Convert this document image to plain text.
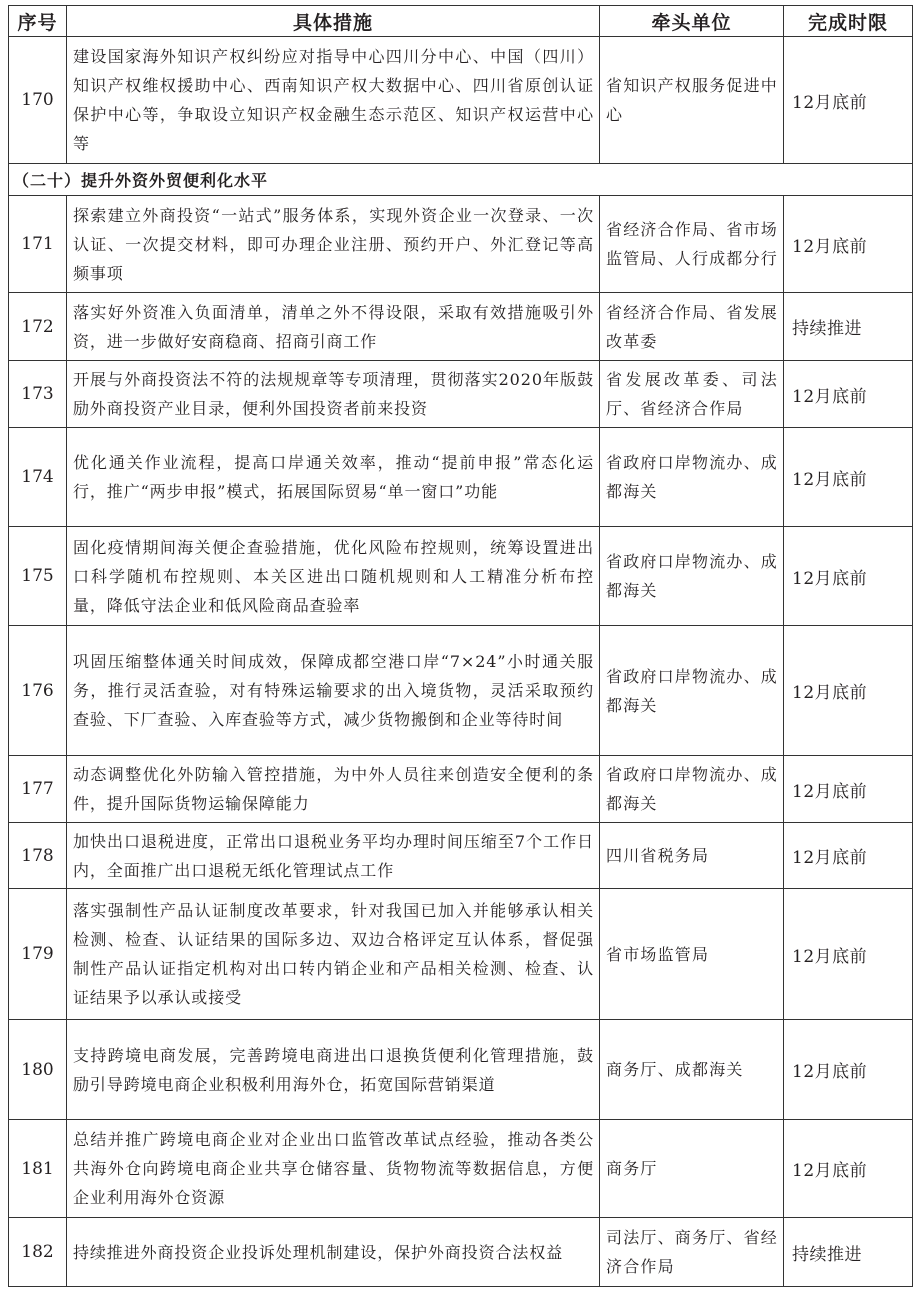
序号	具体措施	牵头单位	完成时限
170	建设国家海外知识产权纠纷应对指导中心四川分中心、中国（四川）知识产权维权援助中心、西南知识产权大数据中心、四川省原创认证保护中心等，争取设立知识产权金融生态示范区、知识产权运营中心等	省知识产权服务促进中心	12月底前
（二十）提升外资外贸便利化水平			
171	探索建立外商投资“一站式”服务体系，实现外资企业一次登录、一次认证、一次提交材料，即可办理企业注册、预约开户、外汇登记等高频事项	省经济合作局、省市场监管局、人行成都分行	12月底前
172	落实好外资准入负面清单，清单之外不得设限，采取有效措施吸引外资，进一步做好安商稳商、招商引商工作	省经济合作局、省发展改革委	持续推进
173	开展与外商投资法不符的法规规章等专项清理，贯彻落实2020年版鼓励外商投资产业目录，便利外国投资者前来投资	省发展改革委、司法厅、省经济合作局	12月底前
174	优化通关作业流程，提高口岸通关效率，推动“提前申报”常态化运行，推广“两步申报”模式，拓展国际贸易“单一窗口”功能	省政府口岸物流办、成都海关	12月底前
175	固化疫情期间海关便企查验措施，优化风险布控规则，统筹设置进出口科学随机布控规则、本关区进出口随机规则和人工精准分析布控量，降低守法企业和低风险商品查验率	省政府口岸物流办、成都海关	12月底前
176	巩固压缩整体通关时间成效，保障成都空港口岸“7×24”小时通关服务，推行灵活查验，对有特殊运输要求的出入境货物，灵活采取预约查验、下厂查验、入库查验等方式，减少货物搬倒和企业等待时间	省政府口岸物流办、成都海关	12月底前
177	动态调整优化外防输入管控措施，为中外人员往来创造安全便利的条件，提升国际货物运输保障能力	省政府口岸物流办、成都海关	12月底前
178	加快出口退税进度，正常出口退税业务平均办理时间压缩至7个工作日内，全面推广出口退税无纸化管理试点工作	四川省税务局	12月底前
179	落实强制性产品认证制度改革要求，针对我国已加入并能够承认相关检测、检查、认证结果的国际多边、双边合格评定互认体系，督促强制性产品认证指定机构对出口转内销企业和产品相关检测、检查、认证结果予以承认或接受	省市场监管局	12月底前
180	支持跨境电商发展，完善跨境电商进出口退换货便利化管理措施，鼓励引导跨境电商企业积极利用海外仓，拓宽国际营销渠道	商务厅、成都海关	12月底前
181	总结并推广跨境电商企业对企业出口监管改革试点经验，推动各类公共海外仓向跨境电商企业共享仓储容量、货物物流等数据信息，方便企业利用海外仓资源	商务厅	12月底前
182	持续推进外商投资企业投诉处理机制建设，保护外商投资合法权益	司法厅、商务厅、省经济合作局	持续推进
